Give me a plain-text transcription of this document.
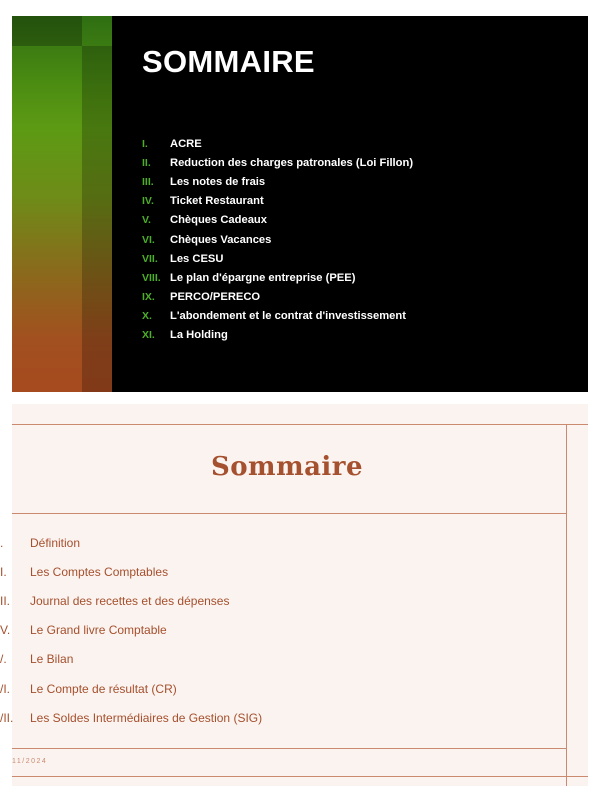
SOMMAIRE
I.	ACRE
II.	Reduction des charges patronales (Loi Fillon)
III.	Les notes de frais
IV.	Ticket Restaurant
V.	Chèques Cadeaux
VI.	Chèques Vacances
VII.	Les CESU
VIII. Le plan d'épargne entreprise (PEE)
IX.	PERCO/PERECO
X.	L'abondement et le contrat d'investissement
XI.	La Holding
Sommaire
.	Définition
I.	Les Comptes Comptables
II.	Journal des recettes et des dépenses
V.	Le Grand livre Comptable
/.	Le Bilan
/I.	Le Compte de résultat (CR)
/II.	Les Soldes Intermédiaires de Gestion (SIG)
11/2024
